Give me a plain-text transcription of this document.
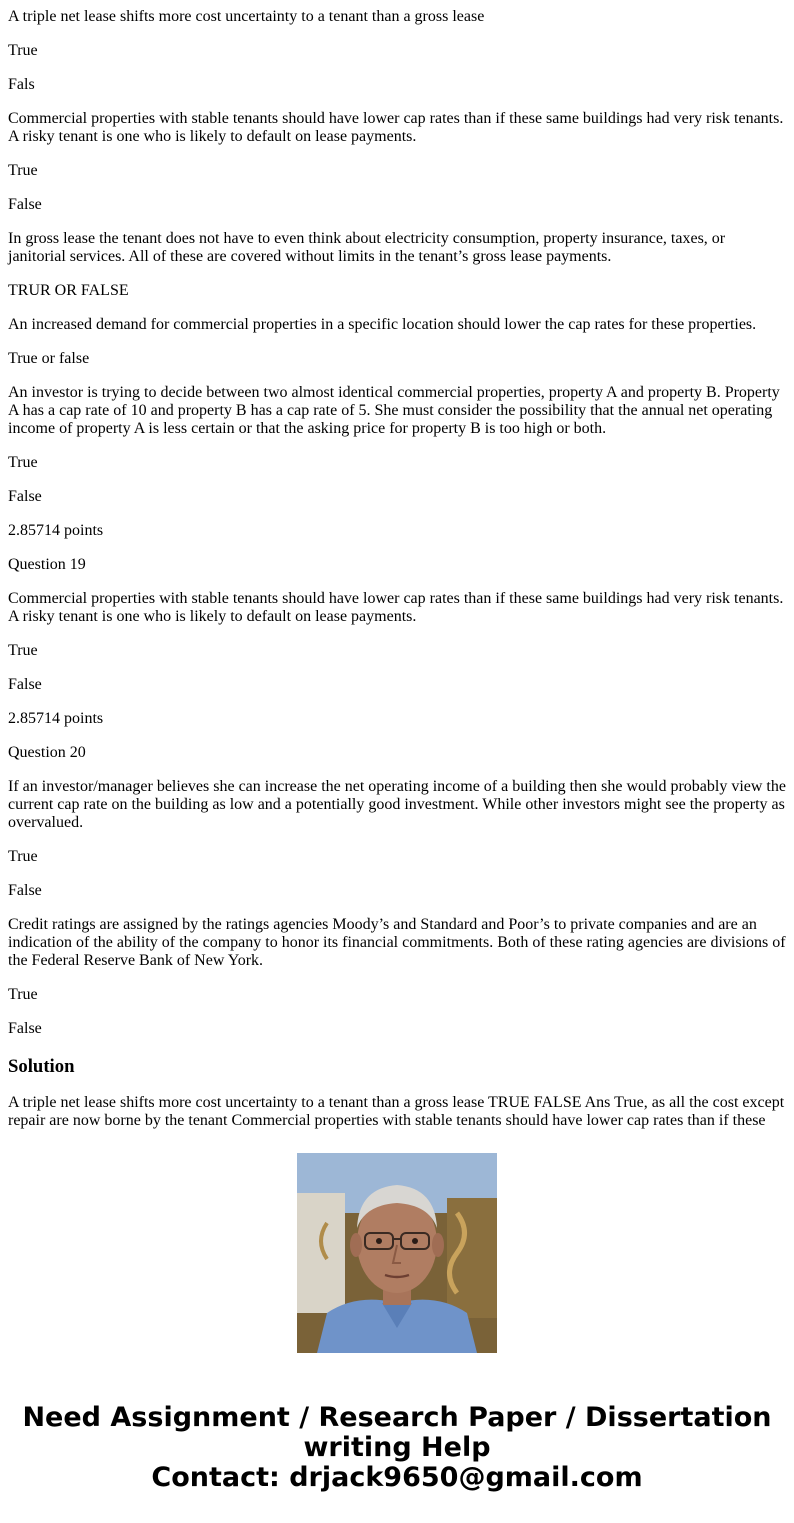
A triple net lease shifts more cost uncertainty to a tenant than a gross lease

True

Fals

Commercial properties with stable tenants should have lower cap rates than if these same buildings had very risk tenants. A risky tenant is one who is likely to default on lease payments.

True

False

In gross lease the tenant does not have to even think about electricity consumption, property insurance, taxes, or janitorial services. All of these are covered without limits in the tenant’s gross lease payments.

TRUR OR FALSE

An increased demand for commercial properties in a specific location should lower the cap rates for these properties.

True or false

An investor is trying to decide between two almost identical commercial properties, property A and property B. Property A has a cap rate of 10 and property B has a cap rate of 5. She must consider the possibility that the annual net operating income of property A is less certain or that the asking price for property B is too high or both.

True

False

2.85714 points

Question 19

Commercial properties with stable tenants should have lower cap rates than if these same buildings had very risk tenants. A risky tenant is one who is likely to default on lease payments.

True

False

2.85714 points

Question 20

If an investor/manager believes she can increase the net operating income of a building then she would probably view the current cap rate on the building as low and a potentially good investment. While other investors might see the property as overvalued.

True

False

Credit ratings are assigned by the ratings agencies Moody’s and Standard and Poor’s to private companies and are an indication of the ability of the company to honor its financial commitments. Both of these rating agencies are divisions of the Federal Reserve Bank of New York.

True

False

Solution

A triple net lease shifts more cost uncertainty to a tenant than a gross lease TRUE FALSE Ans True, as all the cost except repair are now borne by the tenant Commercial properties with stable tenants should have lower cap rates than if these

Need Assignment / Research Paper / Dissertation
writing Help
Contact: drjack9650@gmail.com
